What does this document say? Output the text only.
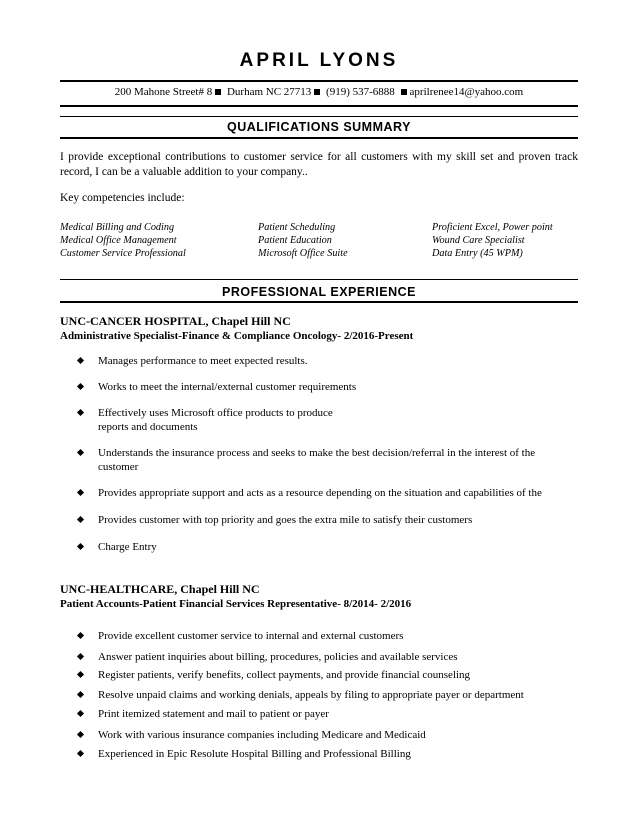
APRIL LYONS
200 Mahone Street# 8 Durham NC 27713 (919) 537-6888 aprilrenee14@yahoo.com
QUALIFICATIONS SUMMARY
I provide exceptional contributions to customer service for all customers with my skill set and proven track record, I can be a valuable addition to your company..
Key competencies include:
Medical Billing and Coding
Medical Office Management
Customer Service Professional
Patient Scheduling
Patient Education
Microsoft Office Suite
Proficient Excel, Power point
Wound Care Specialist
Data Entry (45 WPM)
PROFESSIONAL EXPERIENCE
UNC-CANCER HOSPITAL, Chapel Hill NC
Administrative Specialist-Finance & Compliance Oncology- 2/2016-Present
Manages performance to meet expected results.
Works to meet the internal/external customer requirements
Effectively uses Microsoft office products to produce reports and documents
Understands the insurance process and seeks to make the best decision/referral in the interest of the customer
Provides appropriate support and acts as a resource depending on the situation and capabilities of the
Provides customer with top priority and goes the extra mile to satisfy their customers
Charge Entry
UNC-HEALTHCARE, Chapel Hill NC
Patient Accounts-Patient Financial Services Representative- 8/2014- 2/2016
Provide excellent customer service to internal and external customers
Answer patient inquiries about billing, procedures, policies and available services
Register patients, verify benefits, collect payments, and provide financial counseling
Resolve unpaid claims and working denials, appeals by filing to appropriate payer or department
Print itemized statement and mail to patient or payer
Work with various insurance companies including Medicare and Medicaid
Experienced in Epic Resolute Hospital Billing and Professional Billing
